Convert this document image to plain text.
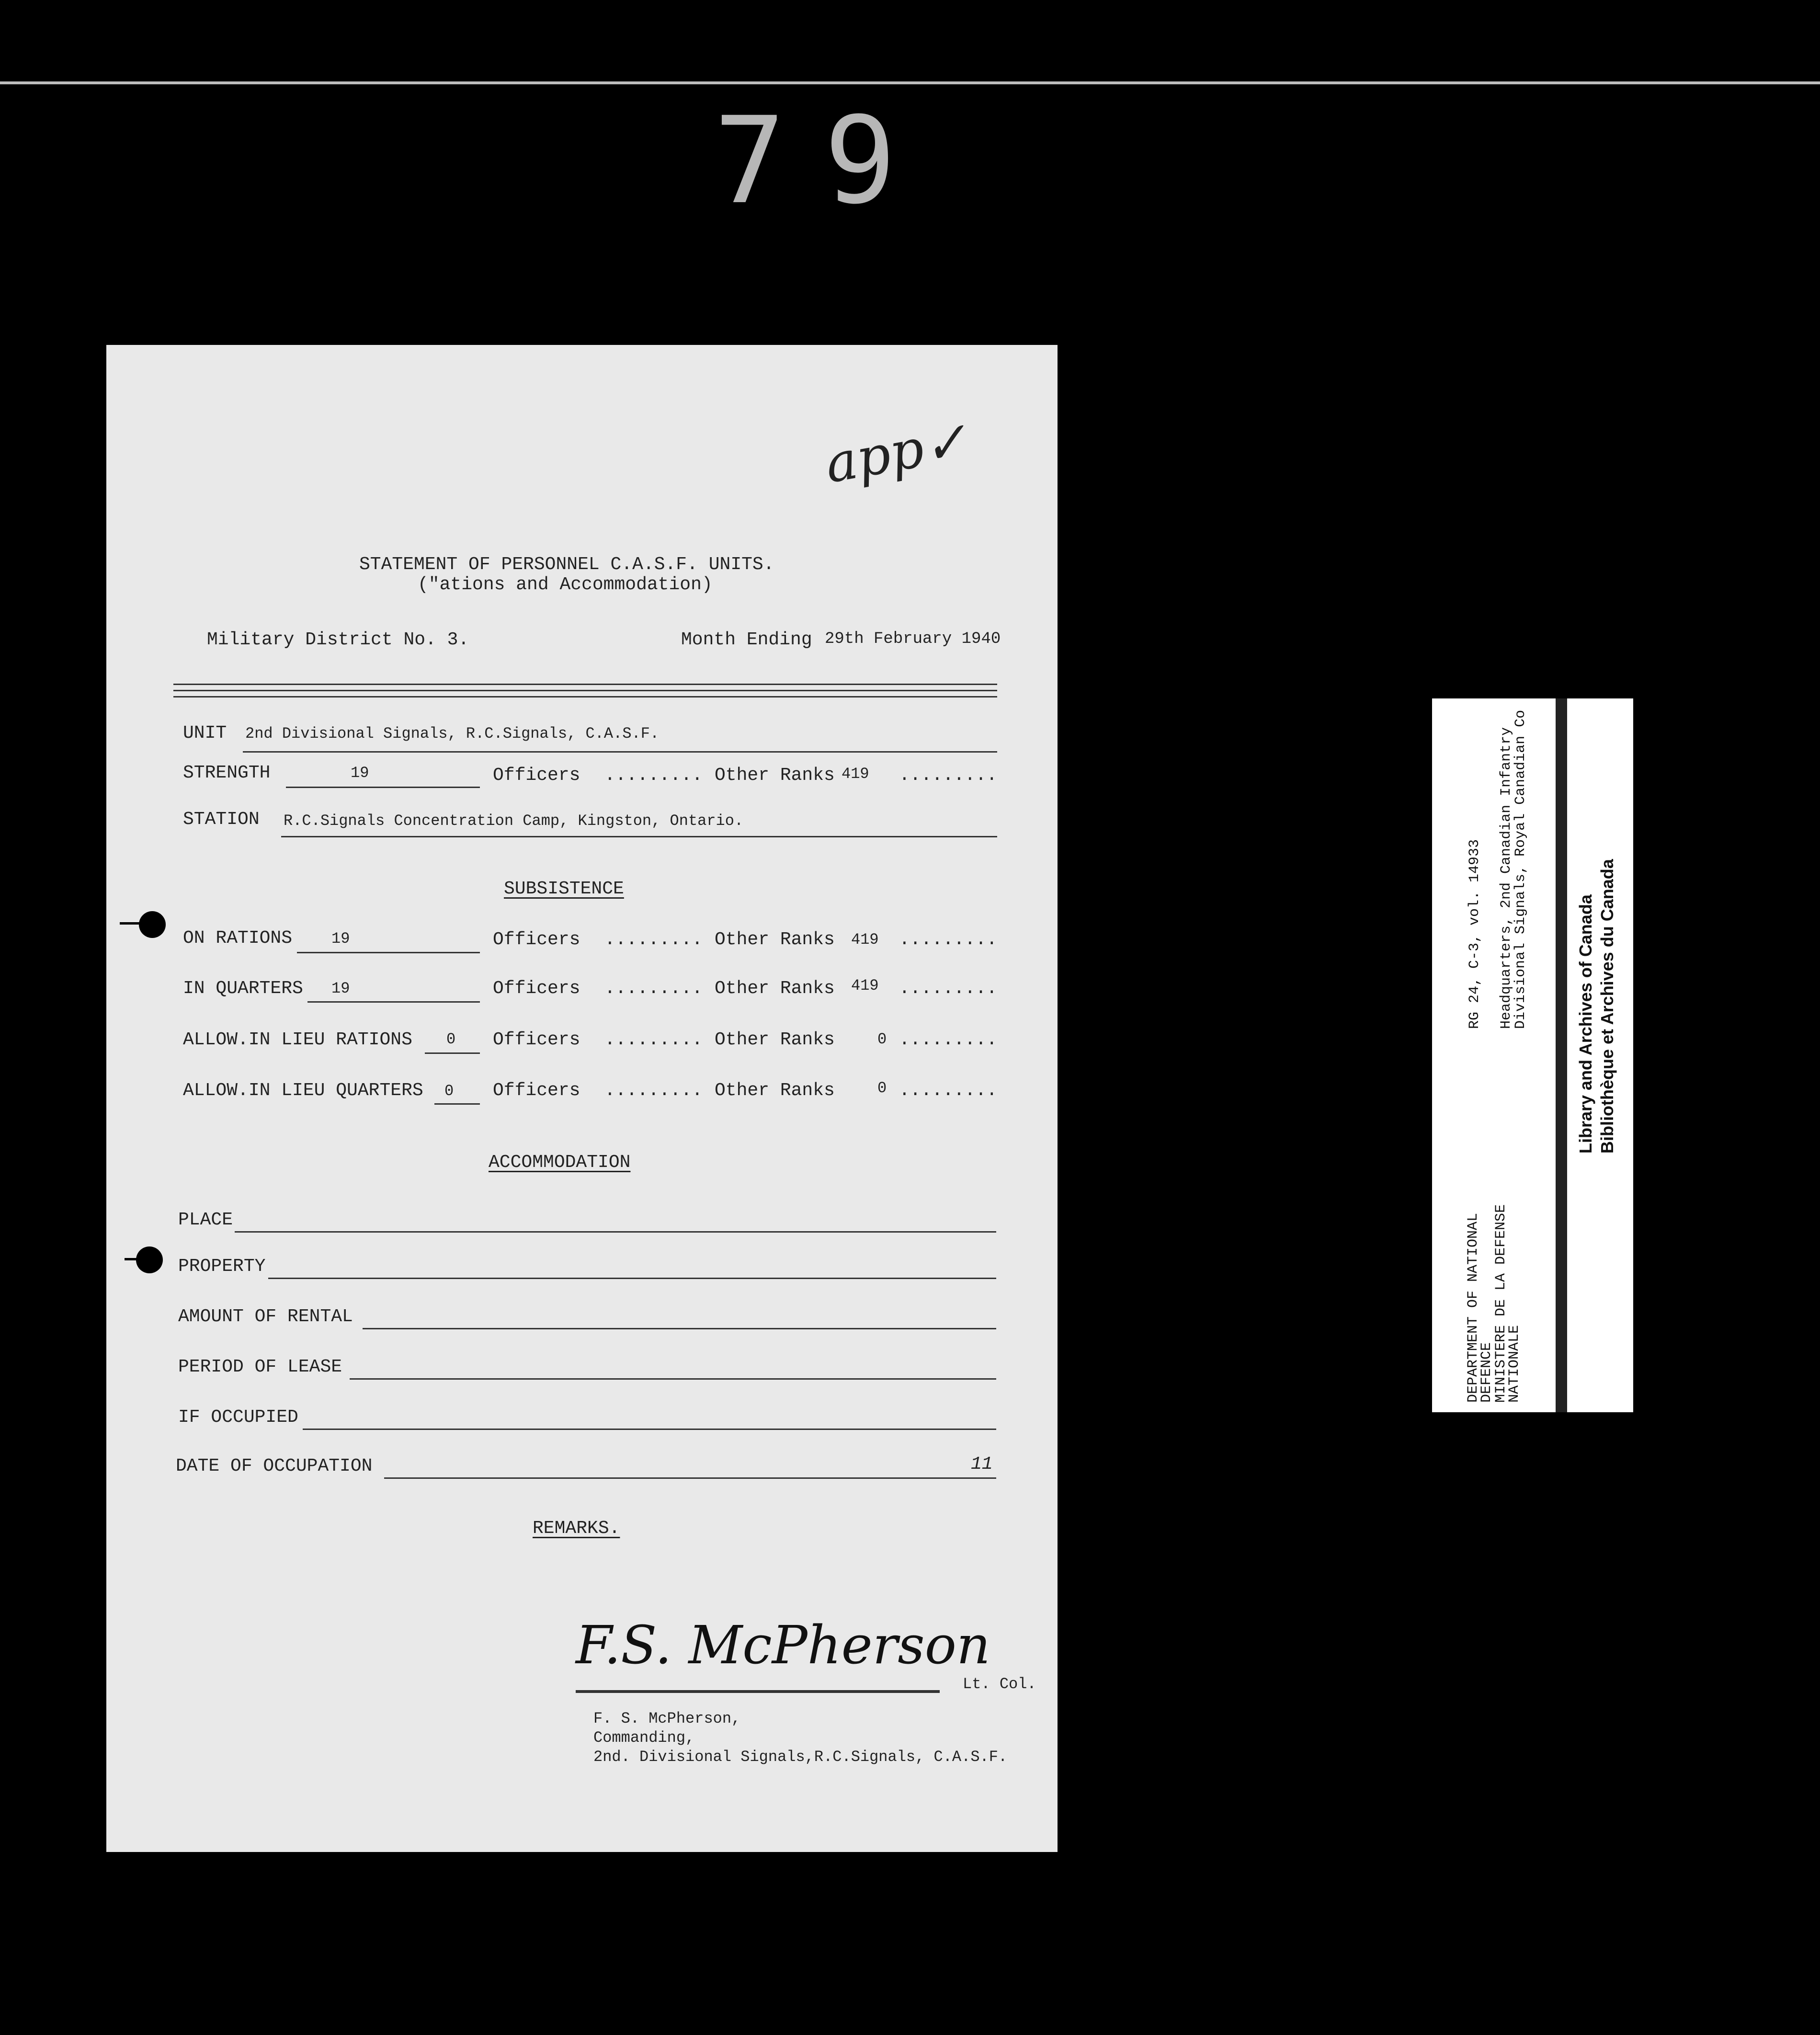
79
app✓
STATEMENT OF PERSONNEL C.A.S.F. UNITS.
("ations and Accommodation)
Military District No. 3.	Month Ending 29th February 1940
UNIT 2nd Divisional Signals, R.C.Signals, C.A.S.F.
STRENGTH	19	Officers ......... Other Ranks 419 .........
STATION R.C.Signals Concentration Camp, Kingston, Ontario.
SUBSISTENCE
ON RATIONS	19	Officers ......... Other Ranks 419 .........
IN QUARTERS 19	Officers ......... Other Ranks 419 .........
ALLOW.IN LIEU RATIONS 0 Officers ......... Other Ranks	0 .........
ALLOW.IN LIEU QUARTERS 0 Officers ......... Other Ranks	0 .........
ACCOMMODATION
PLACE
PROPERTY
AMOUNT OF RENTAL
PERIOD OF LEASE
IF OCCUPIED
DATE OF OCCUPATION	11
REMARKS.
F.S. McPherson
Lt. Col.
F. S. McPherson,
Commanding,
2nd. Divisional Signals,R.C.Signals, C.A.S.F.
DEPARTMENT OF NATIONAL
DEFENCE
MINISTERE DE LA DEFENSE
NATIONALE
RG 24, C-3, vol. 14933 Headquarters, 2nd Canadian Infantry
Divisional Signals, Royal Canadian Co	Library and Archives of Canada Bibliothèque et Archives du Canada
